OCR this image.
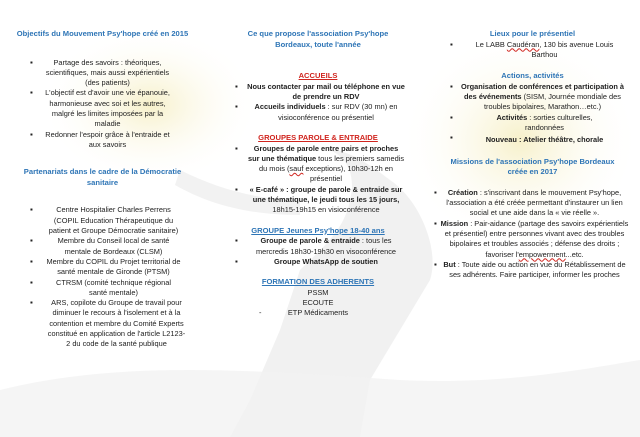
Objectifs du Mouvement Psy'hope créé en 2015
▪ Partage des savoirs : théoriques, scientifiques, mais aussi expérientiels (des patients)
▪ L'objectif est d'avoir une vie épanouie, harmonieuse avec soi et les autres, malgré les limites imposées par la maladie
▪ Redonner l'espoir grâce à l'entraide et aux savoirs
Partenariats dans le cadre de la Démocratie sanitaire
▪ Centre Hospitalier Charles Perrens (COPIL Education Thérapeutique du patient et Groupe Démocratie sanitaire)
▪ Membre du Conseil local de santé mentale de Bordeaux (CLSM)
▪ Membre du COPIL du Projet territorial de santé mentale de Gironde (PTSM)
▪ CTRSM (comité technique régional santé mentale)
▪ ARS, copilote du Groupe de travail pour diminuer le recours à l'isolement et à la contention et membre du Comité Experts constitué en application de l'article L2123-2 du code de la santé publique
Ce que propose l'association Psy'hope Bordeaux, toute l'année
ACCUEILS
▪ Nous contacter par mail ou téléphone en vue de prendre un RDV
▪ Accueils individuels : sur RDV (30 mn) en visioconférence ou présentiel
GROUPES PAROLE & ENTRAIDE
▪ Groupes de parole entre pairs et proches sur une thématique tous les premiers samedis du mois (sauf exceptions), 10h30-12h en présentiel
▪ « E-café » : groupe de parole & entraide sur une thématique, le jeudi tous les 15 jours, 18h15-19h15 en visioconférence
GROUPE Jeunes Psy'hope 18-40 ans
▪ Groupe de parole & entraide : tous les mercredis 18h30-19h30 en visoconférence
▪ Groupe WhatsApp de soutien
FORMATION DES ADHERENTS
PSSM
ECOUTE
- ETP Médicaments
Lieux pour le présentiel
▪ Le LABB Caudéran, 130 bis avenue Louis Barthou
Actions, activités
▪ Organisation de conférences et participation à des événements (SISM, Journée mondiale des troubles bipolaires, Marathon…etc.)
▪ Activités : sorties culturelles, randonnées
▪ Nouveau : Atelier théâtre, chorale
Missions de l'association Psy'hope Bordeaux créée en 2017
▪ Création : s'inscrivant dans le mouvement Psy'hope, l'association a été créée permettant d'instaurer un lien social et une aide dans la « vie réelle ».
▪ Mission : Pair-aidance (partage des savoirs expérientiels et présentiel) entre personnes vivant avec des troubles bipolaires et troubles associés ; défense des droits ; favoriser l'empowerment...etc.
▪ But : Toute aide ou action en vue du Rétablissement de ses adhérents. Faire participer, informer les proches
